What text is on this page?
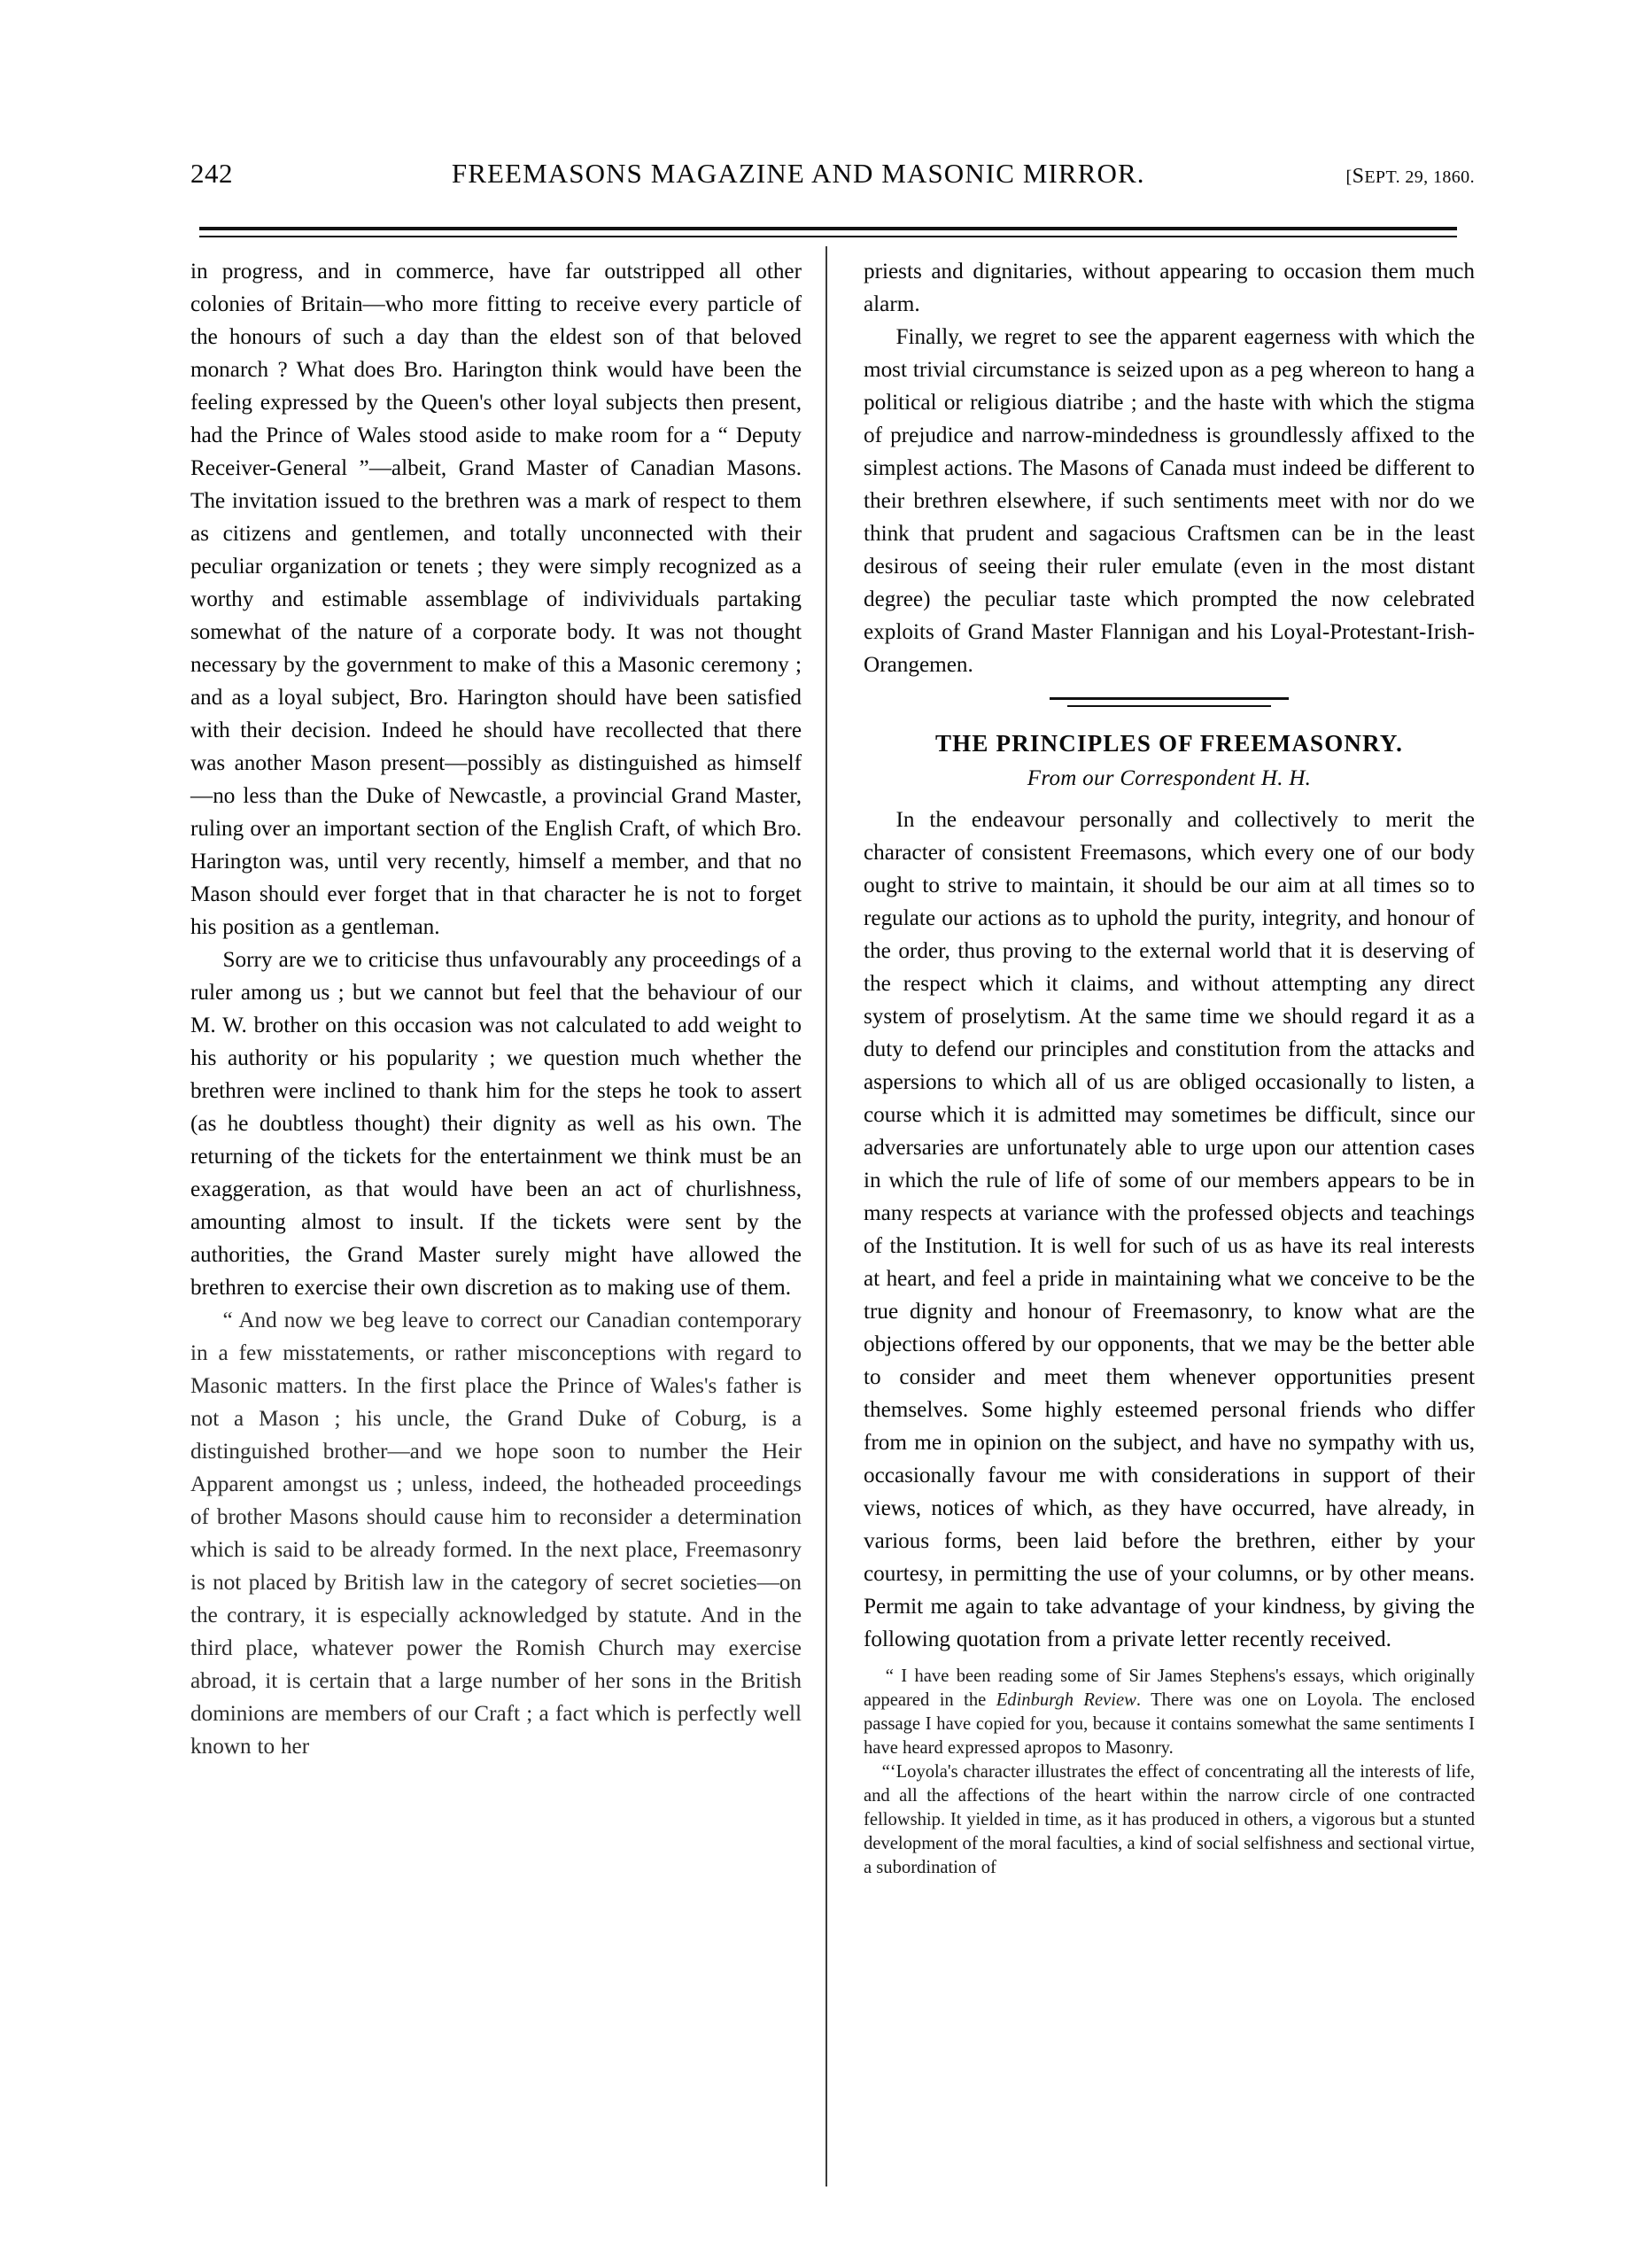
242	FREEMASONS MAGAZINE AND MASONIC MIRROR.	[SEPT. 29, 1860.

in progress, and in commerce, have far outstripped all other colonies of Britain—who more fitting to receive every particle of the honours of such a day than the eldest son of that beloved monarch ? What does Bro. Harington think would have been the feeling expressed by the Queen's other loyal subjects then present, had the Prince of Wales stood aside to make room for a “ Deputy Receiver-General ”—albeit, Grand Master of Canadian Masons. The invitation issued to the brethren was a mark of respect to them as citizens and gentlemen, and totally unconnected with their peculiar organization or tenets ; they were simply recognized as a worthy and estimable assemblage of indivividuals partaking somewhat of the nature of a corporate body. It was not thought necessary by the government to make of this a Masonic ceremony ; and as a loyal subject, Bro. Harington should have been satisfied with their decision. Indeed he should have recollected that there was another Mason present—possibly as distinguished as himself—no less than the Duke of Newcastle, a provincial Grand Master, ruling over an important section of the English Craft, of which Bro. Harington was, until very recently, himself a member, and that no Mason should ever forget that in that character he is not to forget his position as a gentleman.

Sorry are we to criticise thus unfavourably any proceedings of a ruler among us ; but we cannot but feel that the behaviour of our M. W. brother on this occasion was not calculated to add weight to his authority or his popularity ; we question much whether the brethren were inclined to thank him for the steps he took to assert (as he doubtless thought) their dignity as well as his own. The returning of the tickets for the entertainment we think must be an exaggeration, as that would have been an act of churlishness, amounting almost to insult. If the tickets were sent by the authorities, the Grand Master surely might have allowed the brethren to exercise their own discretion as to making use of them.

“ And now we beg leave to correct our Canadian contemporary in a few misstatements, or rather misconceptions with regard to Masonic matters. In the first place the Prince of Wales's father is not a Mason ; his uncle, the Grand Duke of Coburg, is a distinguished brother—and we hope soon to number the Heir Apparent amongst us ; unless, indeed, the hotheaded proceedings of brother Masons should cause him to reconsider a determination which is said to be already formed. In the next place, Freemasonry is not placed by British law in the category of secret societies—on the contrary, it is especially acknowledged by statute. And in the third place, whatever power the Romish Church may exercise abroad, it is certain that a large number of her sons in the British dominions are members of our Craft ; a fact which is perfectly well known to her

priests and dignitaries, without appearing to occasion them much alarm.

Finally, we regret to see the apparent eagerness with which the most trivial circumstance is seized upon as a peg whereon to hang a political or religious diatribe ; and the haste with which the stigma of prejudice and narrow-mindedness is groundlessly affixed to the simplest actions. The Masons of Canada must indeed be different to their brethren elsewhere, if such sentiments meet with nor do we think that prudent and sagacious Craftsmen can be in the least desirous of seeing their ruler emulate (even in the most distant degree) the peculiar taste which prompted the now celebrated exploits of Grand Master Flannigan and his Loyal-Protestant-Irish-Orangemen.

THE PRINCIPLES OF FREEMASONRY.
From our Correspondent H. H.

In the endeavour personally and collectively to merit the character of consistent Freemasons, which every one of our body ought to strive to maintain, it should be our aim at all times so to regulate our actions as to uphold the purity, integrity, and honour of the order, thus proving to the external world that it is deserving of the respect which it claims, and without attempting any direct system of proselytism. At the same time we should regard it as a duty to defend our principles and constitution from the attacks and aspersions to which all of us are obliged occasionally to listen, a course which it is admitted may sometimes be difficult, since our adversaries are unfortunately able to urge upon our attention cases in which the rule of life of some of our members appears to be in many respects at variance with the professed objects and teachings of the Institution. It is well for such of us as have its real interests at heart, and feel a pride in maintaining what we conceive to be the true dignity and honour of Freemasonry, to know what are the objections offered by our opponents, that we may be the better able to consider and meet them whenever opportunities present themselves. Some highly esteemed personal friends who differ from me in opinion on the subject, and have no sympathy with us, occasionally favour me with considerations in support of their views, notices of which, as they have occurred, have already, in various forms, been laid before the brethren, either by your courtesy, in permitting the use of your columns, or by other means. Permit me again to take advantage of your kindness, by giving the following quotation from a private letter recently received.

“ I have been reading some of Sir James Stephens's essays, which originally appeared in the Edinburgh Review. There was one on Loyola. The enclosed passage I have copied for you, because it contains somewhat the same sentiments I have heard expressed apropos to Masonry.

“‘Loyola's character illustrates the effect of concentrating all the interests of life, and all the affections of the heart within the narrow circle of one contracted fellowship. It yielded in time, as it has produced in others, a vigorous but a stunted development of the moral faculties, a kind of social selfishness and sectional virtue, a subordination of
